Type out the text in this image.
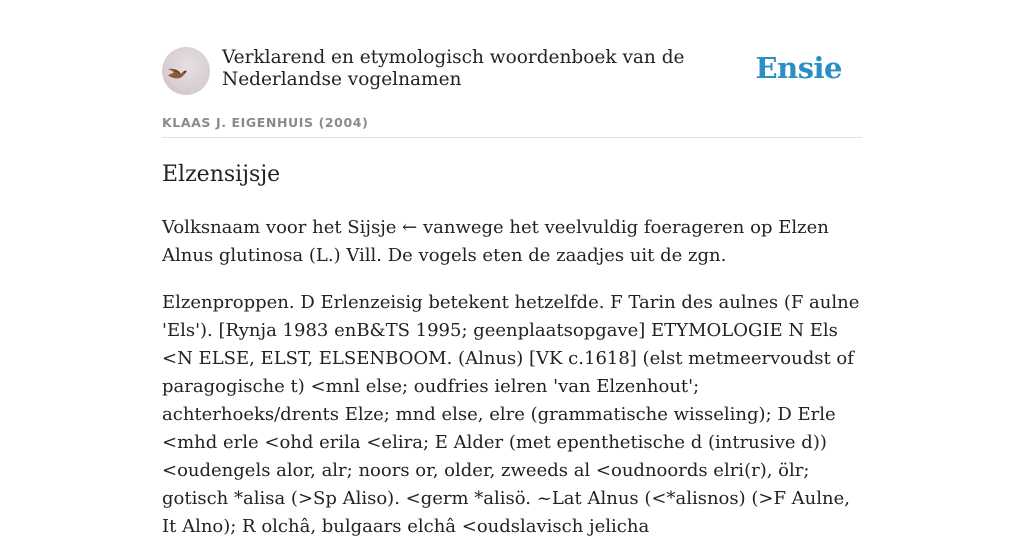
Verklarend en etymologisch woordenboek van de Nederlandse vogelnamen	Ensie
KLAAS J. EIGENHUIS (2004)
Elzensijsje

Volksnaam voor het Sijsje ← vanwege het veelvuldig foerageren op Elzen Alnus glutinosa (L.) Vill. De vogels eten de zaadjes uit de zgn.

Elzenproppen. D Erlenzeisig betekent hetzelfde. F Tarin des aulnes (F aulne 'Els'). [Rynja 1983 enB&TS 1995; geenplaatsopgave] ETYMOLOGIE N Els <N ELSE, ELST, ELSENBOOM. (Alnus) [VK c.1618] (elst metmeervoudst of paragogische t) <mnl else; oudfries ielren 'van Elzenhout'; achterhoeks/drents Elze; mnd else, elre (grammatische wisseling); D Erle <mhd erle <ohd erila <elira; E Alder (met epenthetische d (intrusive d)) <oudengels alor, alr; noors or, older, zweeds al <oudnoords elri(r), ölr; gotisch *alisa (>Sp Aliso). <germ *alisö. ~Lat Alnus (<*alisnos) (>F Aulne, It Alno); R olchâ, bulgaars elchâ <oudslavisch jelicha
